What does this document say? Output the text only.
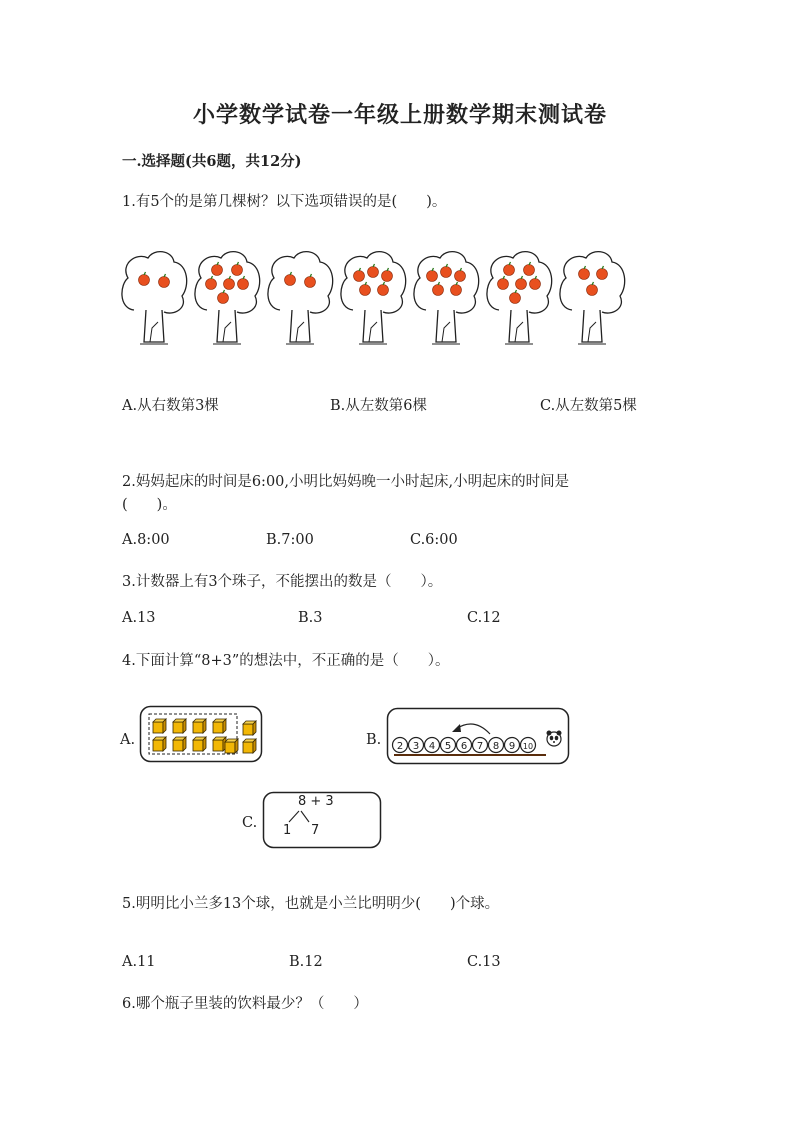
小学数学试卷一年级上册数学期末测试卷
一.选择题(共6题，共12分)
1.有5个的是第几棵树？以下选项错误的是(　　)。
A.从右数第3棵	B.从左数第6棵	C.从左数第5棵
2.妈妈起床的时间是6:00,小明比妈妈晚一小时起床,小明起床的时间是
(　　)。
A.8:00	B.7:00	C.6:00
3.计数器上有3个珠子，不能摆出的数是（　　）。
A.13	B.3	C.12
4.下面计算“8+3”的想法中，不正确的是（　　）。
A.	B. 2 3 4 5 6 7 8 9 10
C.
8 + 3
1 7
5.明明比小兰多13个球，也就是小兰比明明少(　　)个球。
A.11	B.12	C.13
6.哪个瓶子里装的饮料最少？（　　）
